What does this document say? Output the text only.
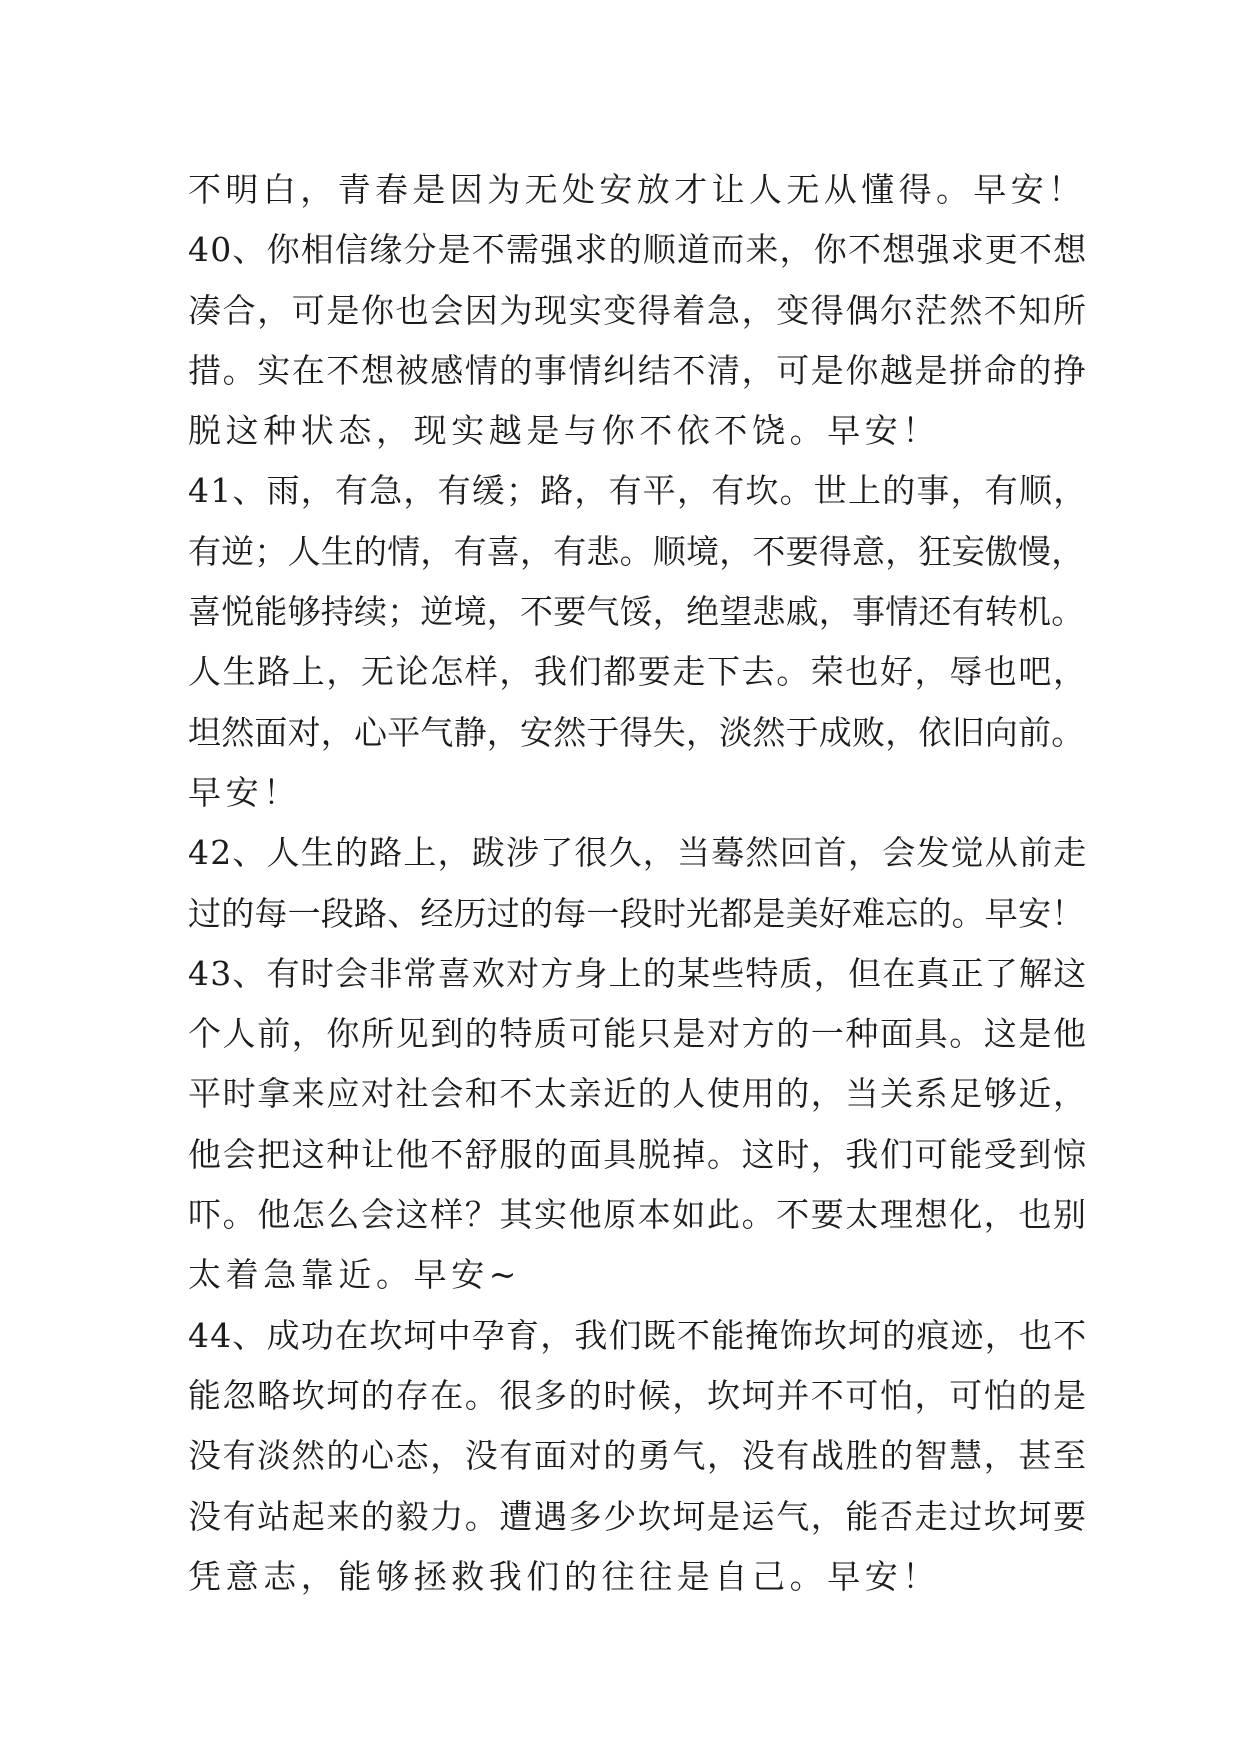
不明白，青春是因为无处安放才让人无从懂得。早安！
40、你相信缘分是不需强求的顺道而来，你不想强求更不想
凑合，可是你也会因为现实变得着急，变得偶尔茫然不知所
措。实在不想被感情的事情纠结不清，可是你越是拼命的挣
脱这种状态，现实越是与你不依不饶。早安！
41、雨，有急，有缓；路，有平，有坎。世上的事，有顺，
有逆；人生的情，有喜，有悲。顺境，不要得意，狂妄傲慢，
喜悦能够持续；逆境，不要气馁，绝望悲戚，事情还有转机。
人生路上，无论怎样，我们都要走下去。荣也好，辱也吧，
坦然面对，心平气静，安然于得失，淡然于成败，依旧向前。
早安！
42、人生的路上，跋涉了很久，当蓦然回首，会发觉从前走
过的每一段路、经历过的每一段时光都是美好难忘的。早安！
43、有时会非常喜欢对方身上的某些特质，但在真正了解这
个人前，你所见到的特质可能只是对方的一种面具。这是他
平时拿来应对社会和不太亲近的人使用的，当关系足够近，
他会把这种让他不舒服的面具脱掉。这时，我们可能受到惊
吓。他怎么会这样？其实他原本如此。不要太理想化，也别
太着急靠近。早安~
44、成功在坎坷中孕育，我们既不能掩饰坎坷的痕迹，也不
能忽略坎坷的存在。很多的时候，坎坷并不可怕，可怕的是
没有淡然的心态，没有面对的勇气，没有战胜的智慧，甚至
没有站起来的毅力。遭遇多少坎坷是运气，能否走过坎坷要
凭意志，能够拯救我们的往往是自己。早安！
